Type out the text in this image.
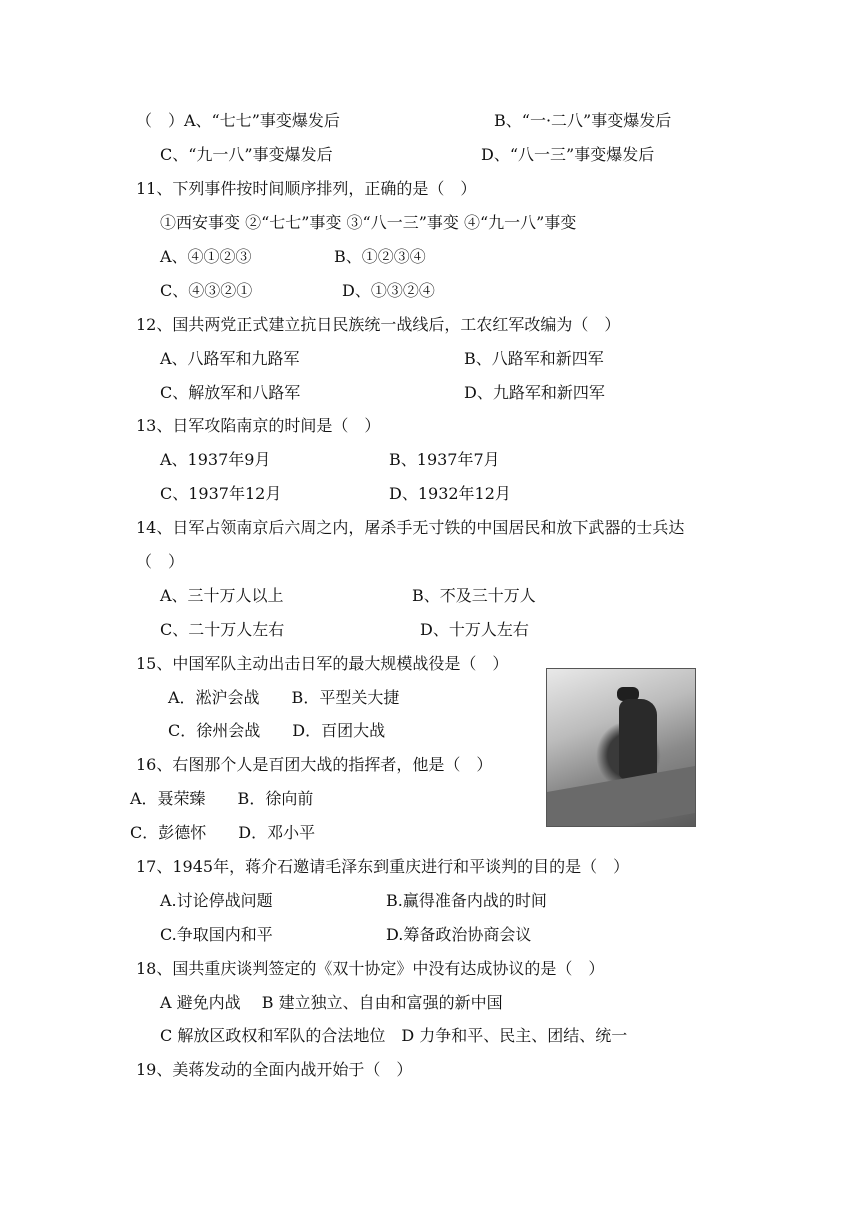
（　）A、“七七”事变爆发后	B、“一·二八”事变爆发后
C、“九一八”事变爆发后	D、“八一三”事变爆发后
11、下列事件按时间顺序排列，正确的是（　）
①西安事变 ②“七七”事变 ③“八一三”事变 ④“九一八”事变
A、④①②③	B、①②③④
C、④③②①	D、①③②④
12、国共两党正式建立抗日民族统一战线后，工农红军改编为（　）
A、八路军和九路军	B、八路军和新四军
C、解放军和八路军	D、九路军和新四军
13、日军攻陷南京的时间是（　）
A、1937年9月	B、1937年7月
C、1937年12月	D、1932年12月
14、日军占领南京后六周之内，屠杀手无寸铁的中国居民和放下武器的士兵达
（　）
A、三十万人以上	B、不及三十万人
C、二十万人左右	D、十万人左右
15、中国军队主动出击日军的最大规模战役是（　）
A．淞沪会战　　B．平型关大捷
C．徐州会战　　D．百团大战
16、右图那个人是百团大战的指挥者，他是（　）
A．聂荣臻　　B．徐向前
C．彭德怀　　D．邓小平
17、1945年，蒋介石邀请毛泽东到重庆进行和平谈判的目的是（　）
A.讨论停战问题	B.赢得准备内战的时间
C.争取国内和平	D.筹备政治协商会议
18、国共重庆谈判签定的《双十协定》中没有达成协议的是（　）
A 避免内战　 B 建立独立、自由和富强的新中国
C 解放区政权和军队的合法地位　D 力争和平、民主、团结、统一
19、美蒋发动的全面内战开始于（　）
